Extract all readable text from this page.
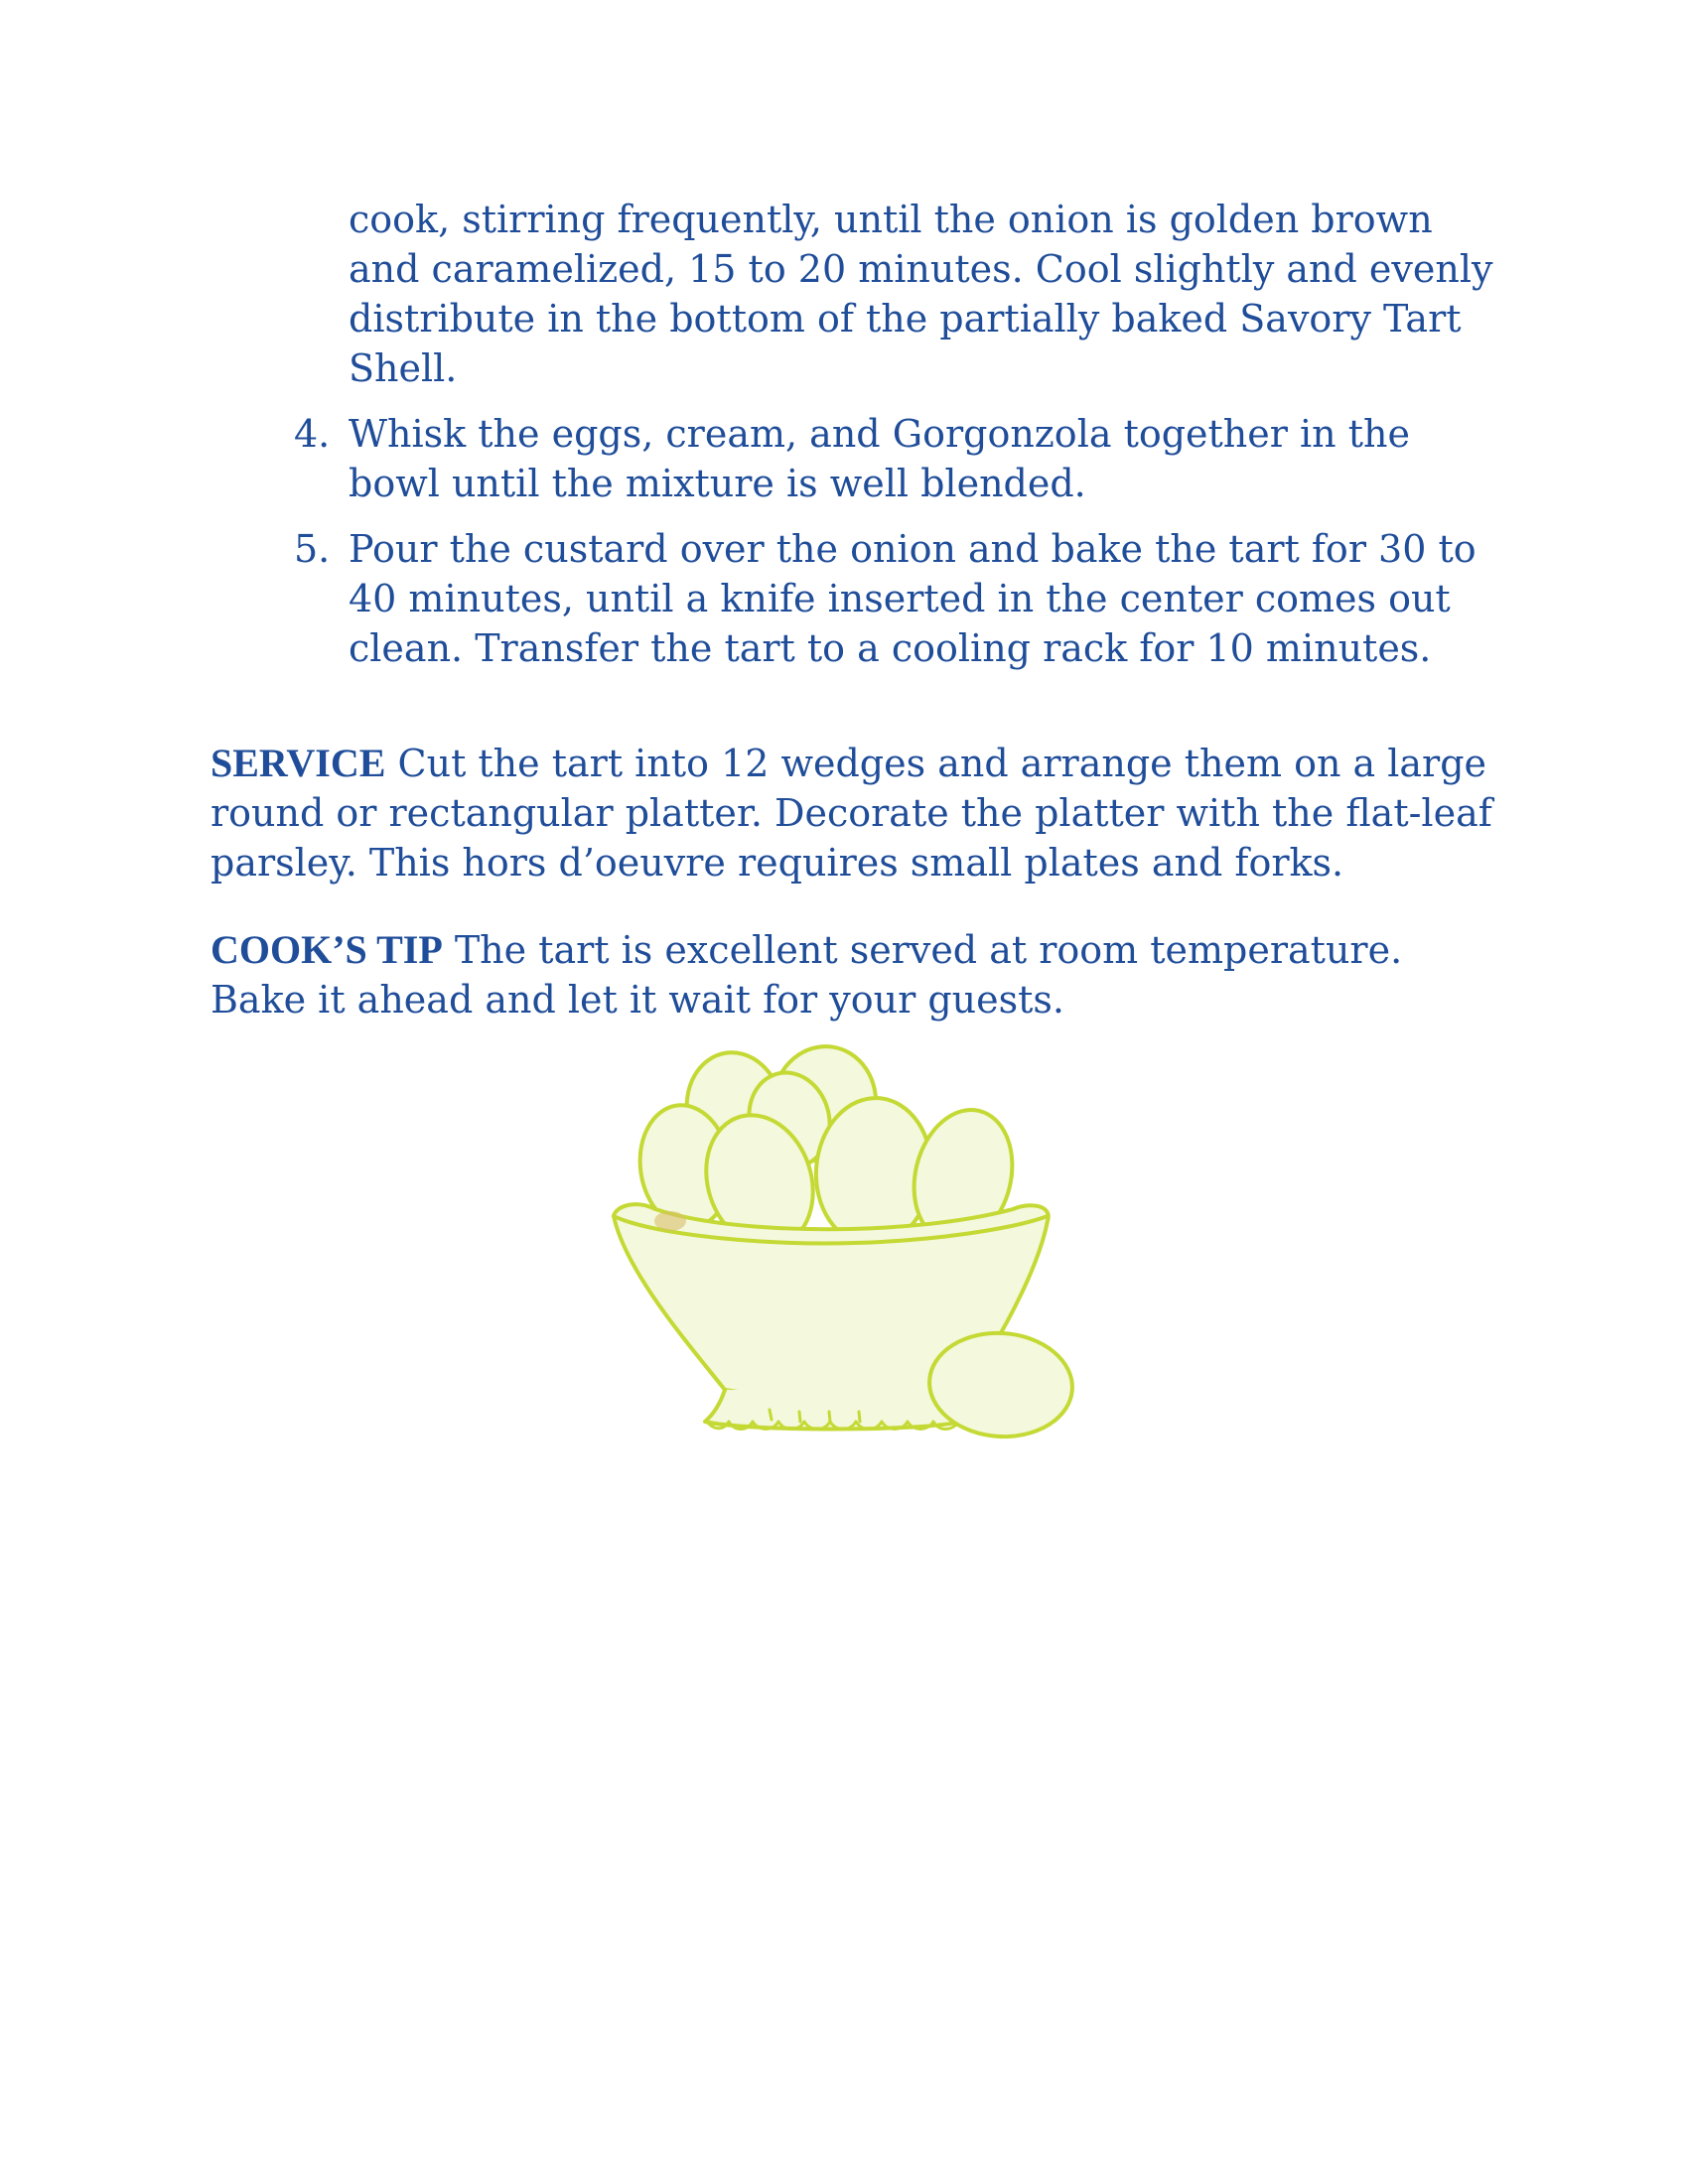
cook, stirring frequently, until the onion is golden brown and caramelized, 15 to 20 minutes. Cool slightly and evenly distribute in the bottom of the partially baked Savory Tart Shell.
4. Whisk the eggs, cream, and Gorgonzola together in the bowl until the mixture is well blended.
5. Pour the custard over the onion and bake the tart for 30 to 40 minutes, until a knife inserted in the center comes out clean. Transfer the tart to a cooling rack for 10 minutes.

SERVICE Cut the tart into 12 wedges and arrange them on a large round or rectangular platter. Decorate the platter with the flat-leaf parsley. This hors d’oeuvre requires small plates and forks.

COOK’S TIP The tart is excellent served at room temperature. Bake it ahead and let it wait for your guests.
